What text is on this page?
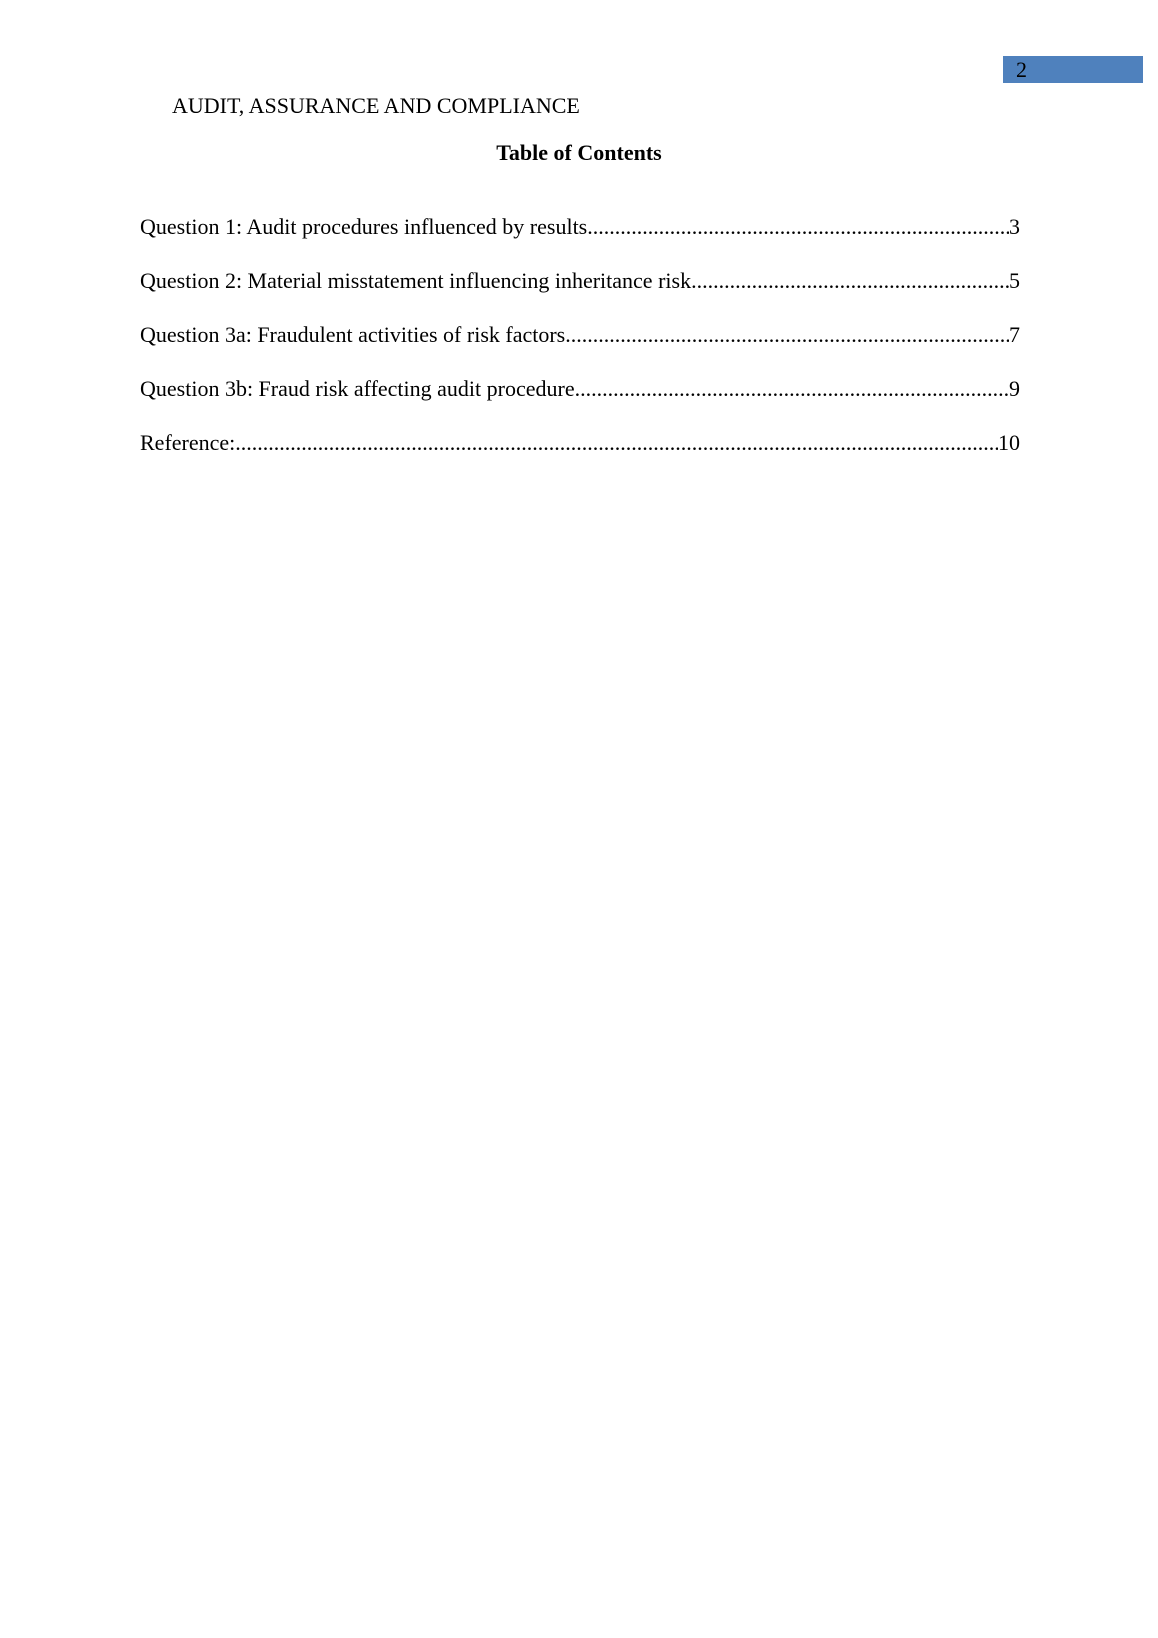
2
AUDIT, ASSURANCE AND COMPLIANCE
Table of Contents
Question 1: Audit procedures influenced by results .....	3
Question 2: Material misstatement influencing inheritance risk .....	5
Question 3a: Fraudulent activities of risk factors .....	7
Question 3b: Fraud risk affecting audit procedure .....	9
Reference: .....	10
